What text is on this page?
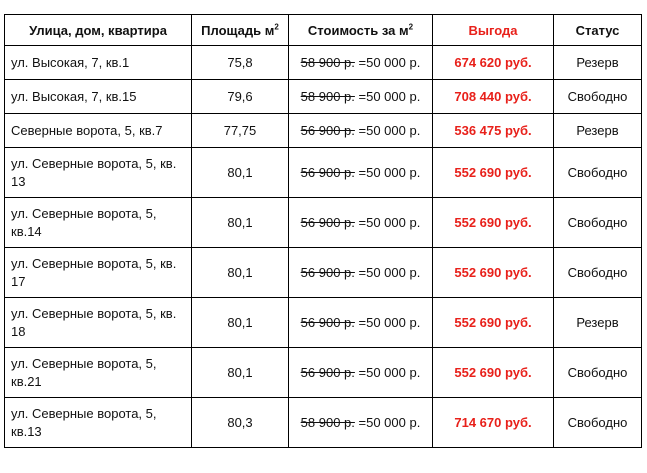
Улица, дом, квартира	Площадь $м^2$	Стоимость за $м^2$	Выгода	Статус
ул. Высокая, 7, кв.1	75,8	58 900 р. =50 000 р.	674 620 руб.	Резерв
ул. Высокая, 7, кв.15	79,6	58 900 р. =50 000 р.	708 440 руб.	Свободно
Северные ворота, 5, кв.7	77,75	56 900 р. =50 000 р.	536 475 руб.	Резерв
ул. Северные ворота, 5, кв. 13	80,1	56 900 р. =50 000 р.	552 690 руб.	Свободно
ул. Северные ворота, 5, кв.14	80,1	56 900 р. =50 000 р.	552 690 руб.	Свободно
ул. Северные ворота, 5, кв. 17	80,1	56 900 р. =50 000 р.	552 690 руб.	Свободно
ул. Северные ворота, 5, кв. 18	80,1	56 900 р. =50 000 р.	552 690 руб.	Резерв
ул. Северные ворота, 5, кв.21	80,1	56 900 р. =50 000 р.	552 690 руб.	Свободно
ул. Северные ворота, 5, кв.13	80,3	58 900 р. =50 000 р.	714 670 руб.	Свободно
